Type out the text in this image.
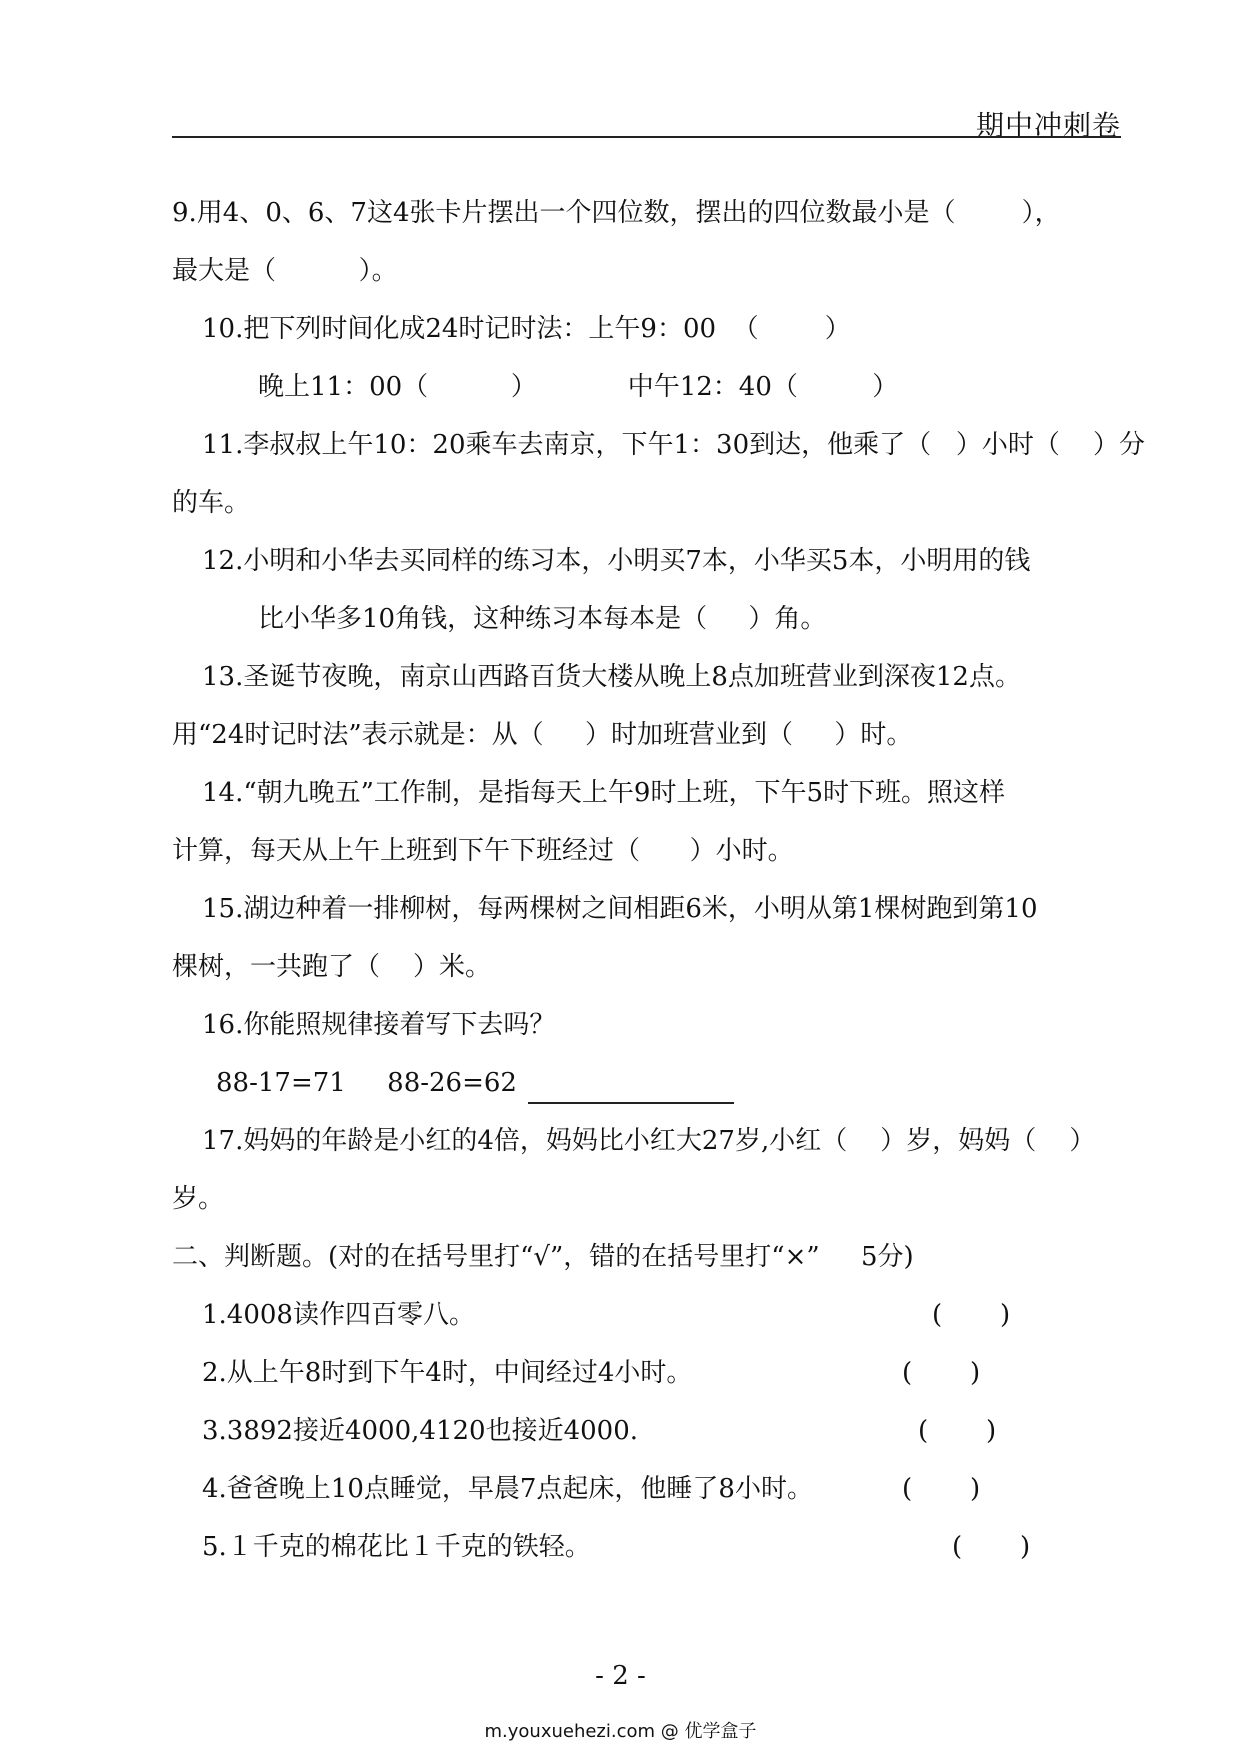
期中冲刺卷
9.用4、0、6、7这4张卡片摆出一个四位数，摆出的四位数最小是（        ），
最大是（          ）。
10.把下列时间化成24时记时法：上午9：00  （        ）
晚上11：00（          ）           中午12：40（         ）
11.李叔叔上午10：20乘车去南京，下午1：30到达，他乘了（   ）小时（    ）分
的车。
12.小明和小华去买同样的练习本，小明买7本，小华买5本，小明用的钱
比小华多10角钱，这种练习本每本是（     ）角。
13.圣诞节夜晚，南京山西路百货大楼从晚上8点加班营业到深夜12点。
用“24时记时法”表示就是：从（     ）时加班营业到（     ）时。
14.“朝九晚五”工作制，是指每天上午9时上班，下午5时下班。照这样
计算，每天从上午上班到下午下班经过（      ）小时。
15.湖边种着一排柳树，每两棵树之间相距6米，小明从第1棵树跑到第10
棵树，一共跑了（    ）米。
16.你能照规律接着写下去吗？
88-17=71     88-26=62
17.妈妈的年龄是小红的4倍，妈妈比小红大27岁,小红（    ）岁，妈妈（    ）
岁。
二、判断题。(对的在括号里打“√”，错的在括号里打“×”     5分)
1.4008读作四百零八。	(       )
2.从上午8时到下午4时，中间经过4小时。	(       )
3.3892接近4000,4120也接近4000.	(       )
4.爸爸晚上10点睡觉，早晨7点起床，他睡了8小时。	(       )
5.１千克的棉花比１千克的铁轻。	(       )
- 2 -
m.youxuehezi.com @ 优学盒子
